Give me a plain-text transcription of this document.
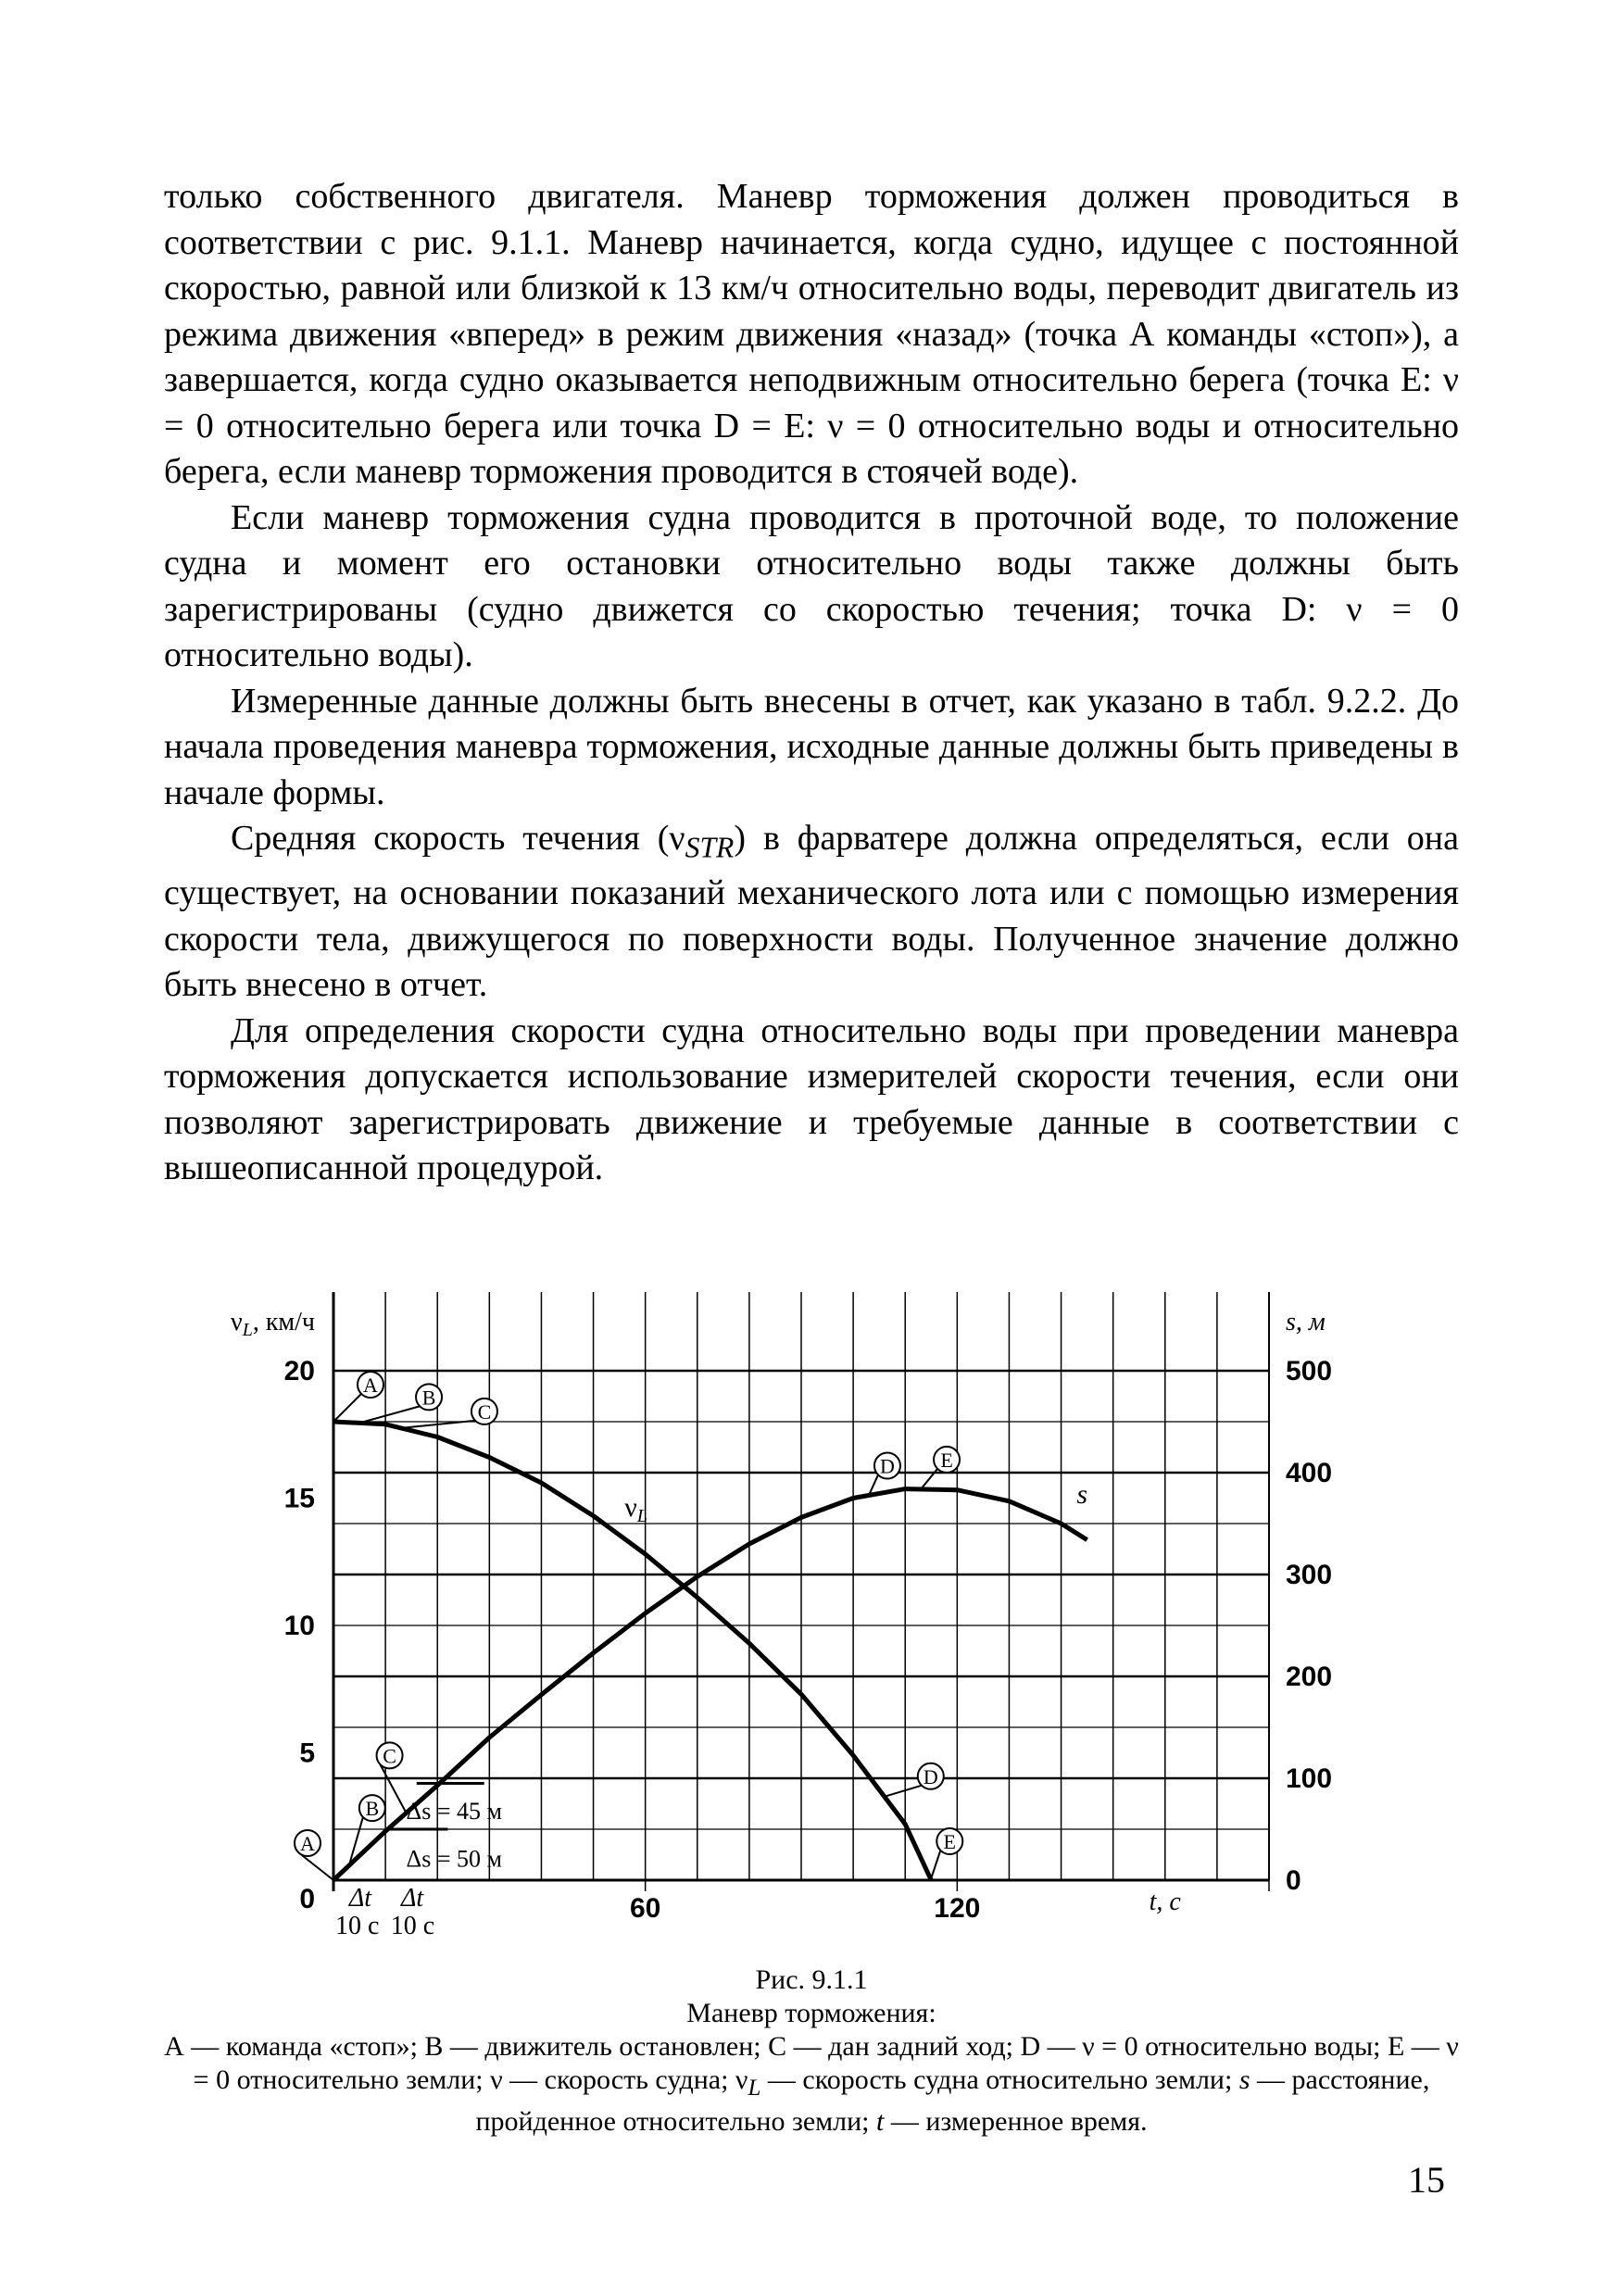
только собственного двигателя. Маневр торможения должен проводиться в соответствии с рис. 9.1.1. Маневр начинается, когда судно, идущее с постоянной скоростью, равной или близкой к 13 км/ч относительно воды, переводит двигатель из режима движения «вперед» в режим движения «назад» (точка А команды «стоп»), а завершается, когда судно оказывается неподвижным относительно берега (точка Е: ν = 0 относительно берега или точка D = E: ν = 0 относительно воды и относительно берега, если маневр торможения проводится в стоячей воде).

Если маневр торможения судна проводится в проточной воде, то положение судна и момент его остановки относительно воды также должны быть зарегистрированы (судно движется со скоростью течения; точка D: ν = 0 относительно воды).

Измеренные данные должны быть внесены в отчет, как указано в табл. 9.2.2. До начала проведения маневра торможения, исходные данные должны быть приведены в начале формы.

Средняя скорость течения $(\nu_{STR})$ в фарватере должна определяться, если она существует, на основании показаний механического лота или с помощью измерения скорости тела, движущегося по поверхности воды. Полученное значение должно быть внесено в отчет.

Для определения скорости судна относительно воды при проведении маневра торможения допускается использование измерителей скорости течения, если они позволяют зарегистрировать движение и требуемые данные в соответствии с вышеописанной процедурой.

0
5
10
15
20
0
100
200
300
400
500
60	120
$\nu_L$, км/ч	s, м
t, с
$\nu_L$
s
A
B
C
D
E
A
B
C
D E
Δs = 45 м
Δs = 50 м
Δt
10 с
Δt
10 с
Рис. 9.1.1
Маневр торможения:
А — команда «стоп»; В — движитель остановлен; С — дан задний ход; D — ν = 0 относительно воды; Е — ν = 0 относительно земли; ν — скорость судна; $\nu_L$ — скорость судна относительно земли; s — расстояние, пройденное относительно земли; t — измеренное время.
15
